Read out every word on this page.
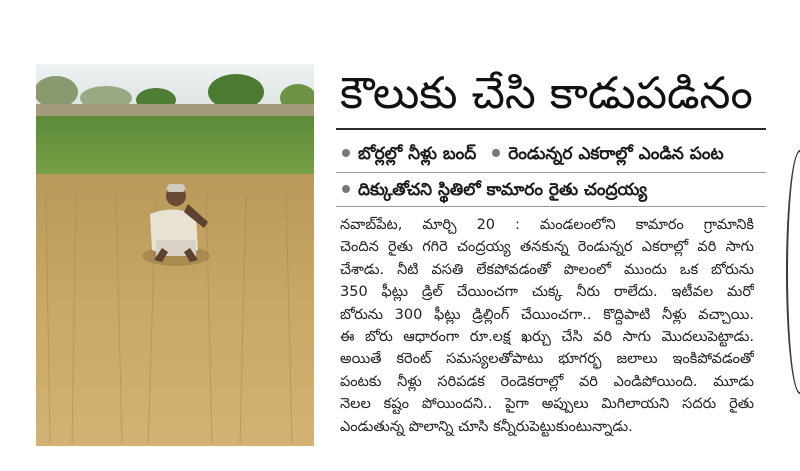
కౌలుకు చేసి కాడుపడినం
బోర్లల్లో నీళ్లు బంద్ రెండున్నర ఎకరాల్లో ఎండిన పంట
దిక్కుతోచని స్థితిలో కామారం రైతు చంద్రయ్య

నవాబ్‌పేట, మార్చి 20 : మండలంలోని కామారం గ్రామానికి

చెందిన రైతు గగిరె చంద్రయ్య తనకున్న రెండున్నర ఎకరాల్లో వరి సాగు

చేశాడు. నీటి వసతి లేకపోవడంతో పొలంలో ముందు ఒక బోరును

350 ఫీట్లు డ్రిల్ చేయించగా చుక్క నీరు రాలేదు. ఇటీవల మరో

బోరును 300 ఫీట్లు డ్రిల్లింగ్ చేయించగా.. కొద్దిపాటి నీళ్లు వచ్చాయి.

ఈ బోరు ఆధారంగా రూ.లక్ష ఖర్చు చేసి వరి సాగు మొదలుపెట్టాడు.

అయితే కరెంట్ సమస్యలతోపాటు భూగర్భ జలాలు ఇంకిపోవడంతో

పంటకు నీళ్లు సరిపడక రెండెకరాల్లో వరి ఎండిపోయింది. మూడు

నెలల కష్టం పోయిందని.. పైగా అప్పులు మిగిలాయని సదరు రైతు

ఎండుతున్న పొలాన్ని చూసి కన్నీరుపెట్టుకుంటున్నాడు.
